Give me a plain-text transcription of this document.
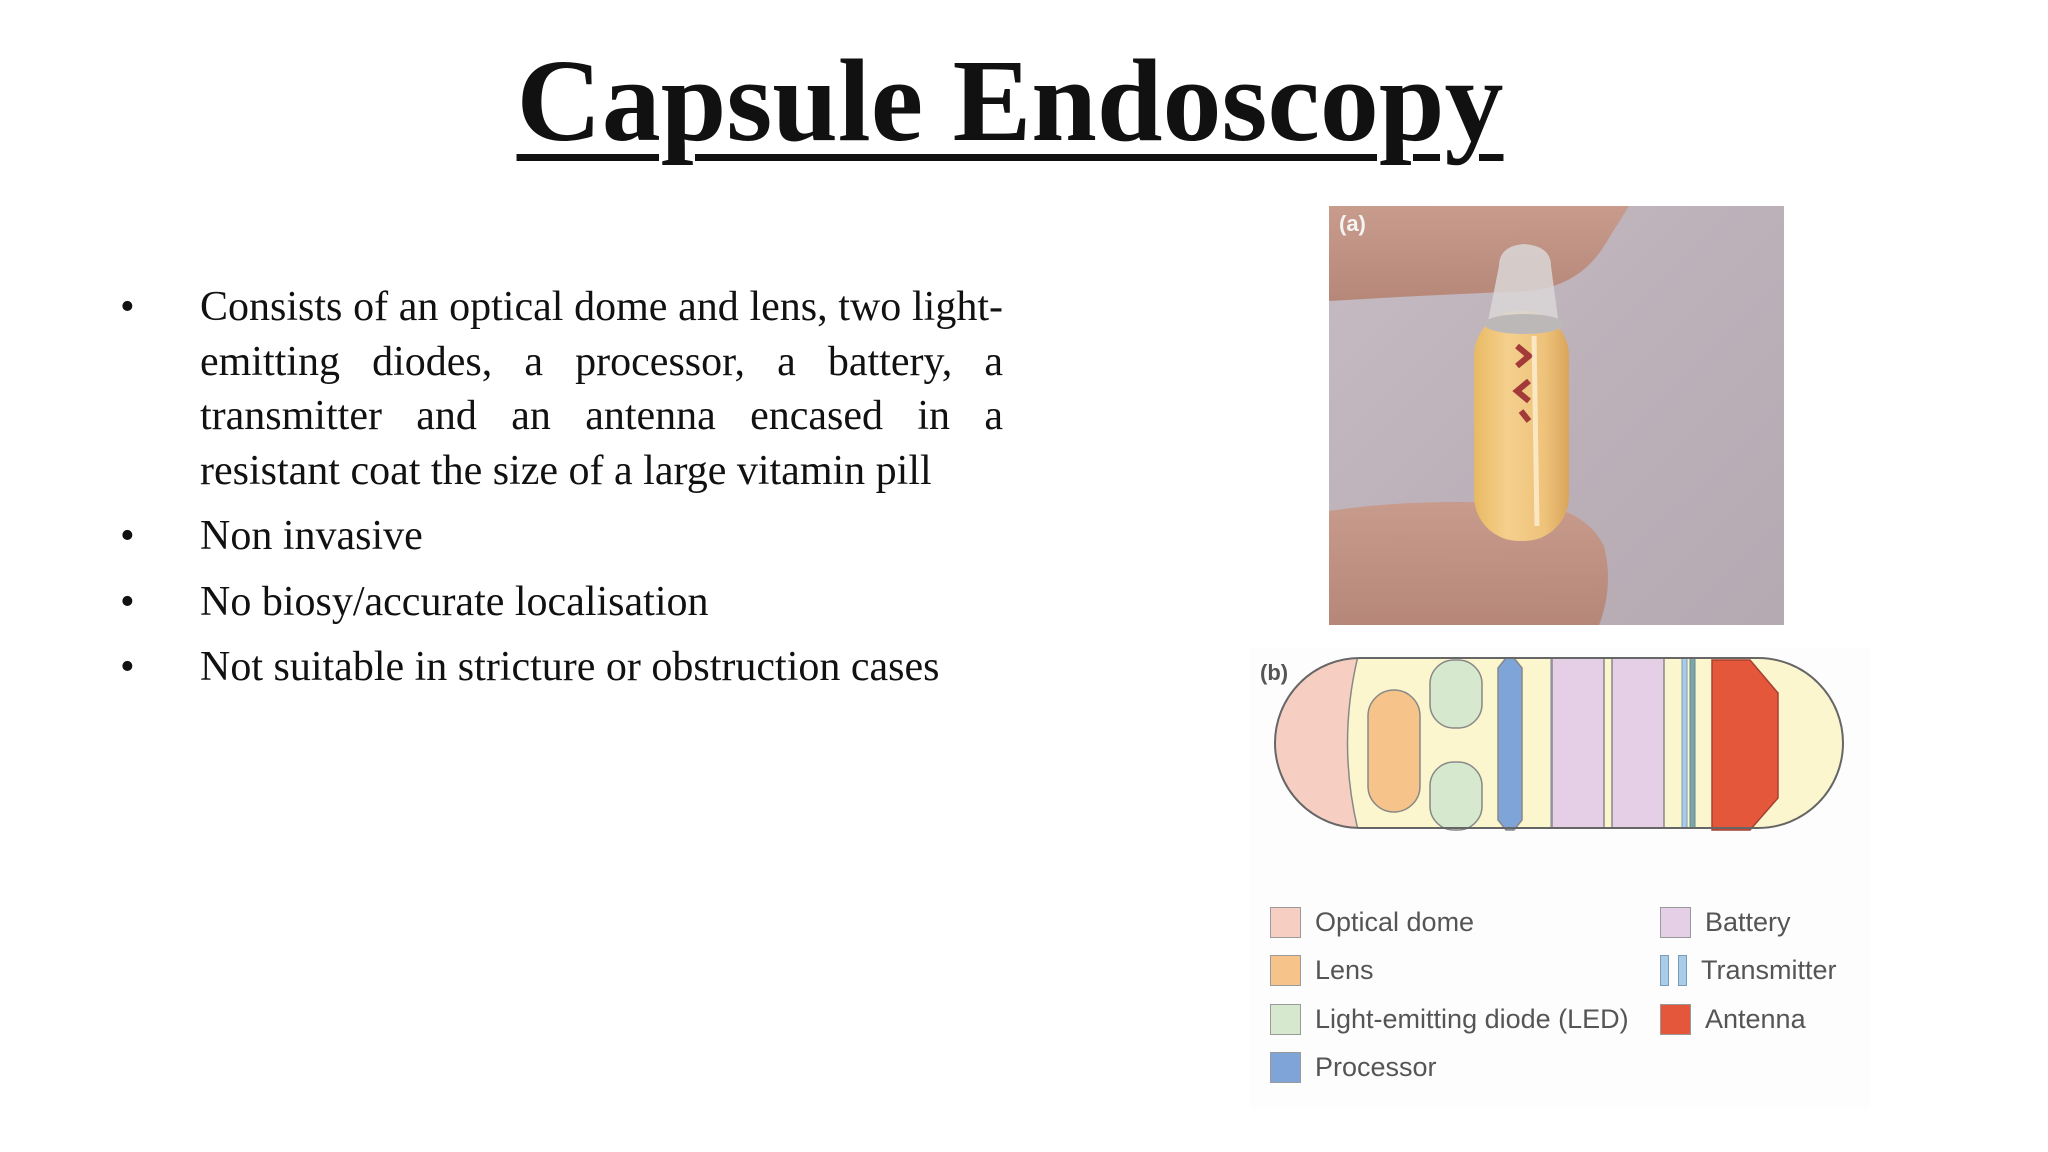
Capsule Endoscopy
• Consists of an optical dome and lens, two light-emitting diodes, a processor, a battery, a transmitter and an antenna encased in a resistant coat the size of a large vitamin pill
• Non invasive
• No biosy/accurate localisation
• Not suitable in stricture or obstruction cases
(a)
(b)
Optical dome
Lens
Light-emitting diode (LED)
Processor
Battery
Transmitter
Antenna
